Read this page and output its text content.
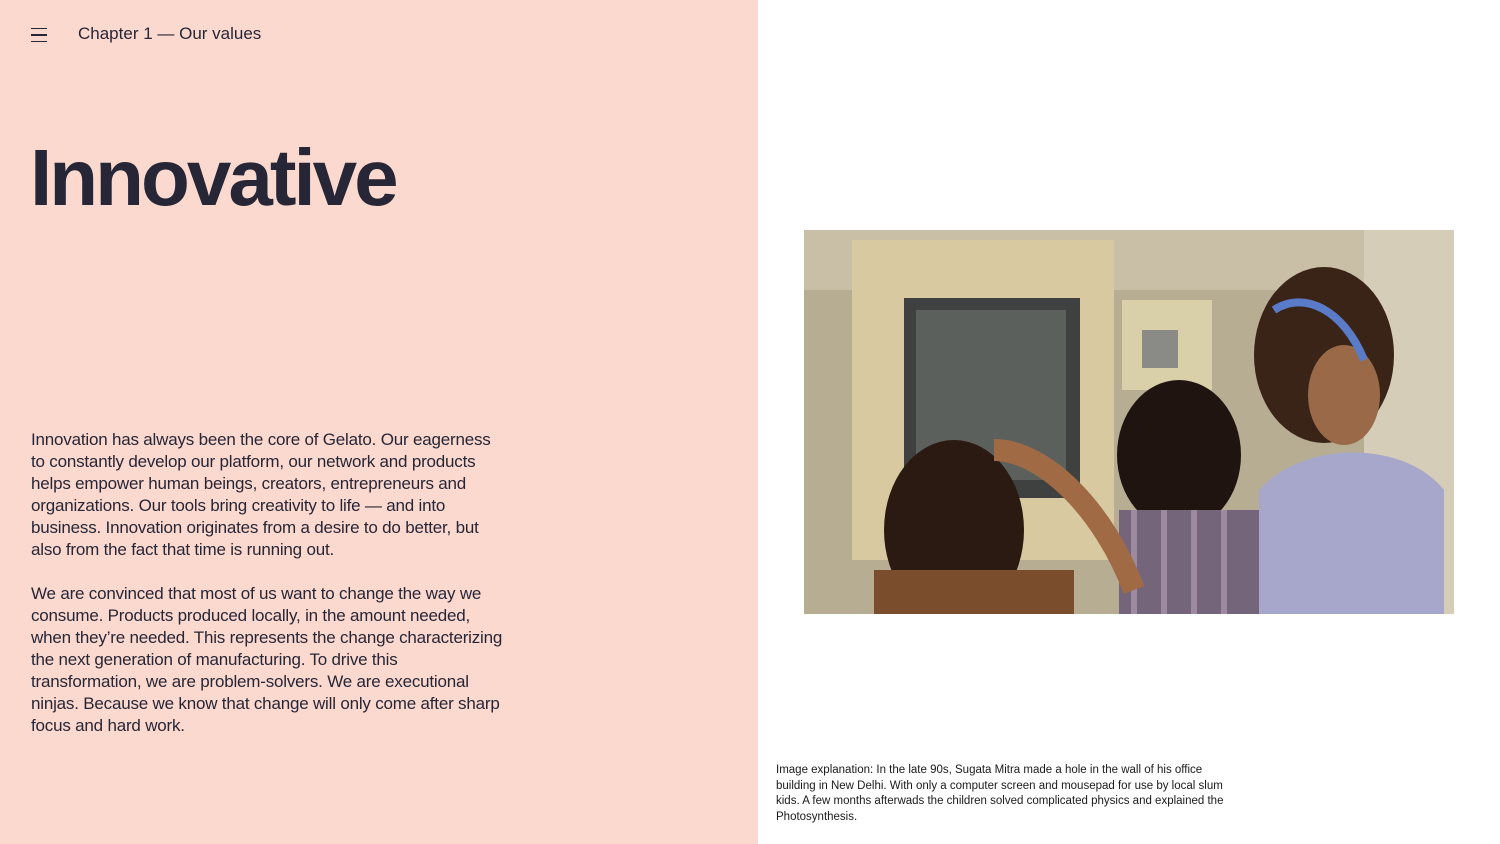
Chapter 1 — Our values
Innovative

Innovation has always been the core of Gelato. Our eagerness to constantly develop our platform, our network and products helps empower human beings, creators, entrepreneurs and organizations. Our tools bring creativity to life — and into business. Innovation originates from a desire to do better, but also from the fact that time is running out.

We are convinced that most of us want to change the way we consume. Products produced locally, in the amount needed, when they’re needed. This represents the change characterizing the next generation of manufacturing. To drive this transformation, we are problem-solvers. We are executional ninjas. Because we know that change will only come after sharp focus and hard work.

Image explanation: In the late 90s, Sugata Mitra made a hole in the wall of his office building in New Delhi. With only a computer screen and mousepad for use by local slum kids. A few months afterwads the children solved complicated physics and explained the Photosynthesis.
